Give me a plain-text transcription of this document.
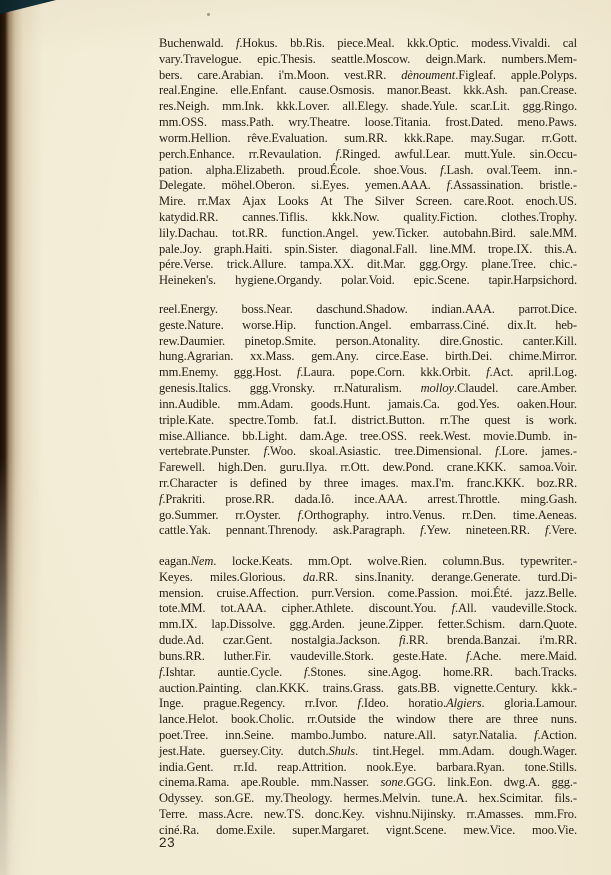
Buchenwald. f.Hokus. bb.Ris. piece.Meal. kkk.Optic. modess.Vivaldi. cal
vary.Travelogue. epic.Thesis. seattle.Moscow. deign.Mark. numbers.Mem-
bers. care.Arabian. i'm.Moon. vest.RR. dènoument.Figleaf. apple.Polyps.
real.Engine. elle.Enfant. cause.Osmosis. manor.Beast. kkk.Ash. pan.Crease.
res.Neigh. mm.Ink. kkk.Lover. all.Elegy. shade.Yule. scar.Lit. ggg.Ringo.
mm.OSS. mass.Path. wry.Theatre. loose.Titania. frost.Dated. meno.Paws.
worm.Hellion. rêve.Evaluation. sum.RR. kkk.Rape. may.Sugar. rr.Gott.
perch.Enhance. rr.Revaulation. f.Ringed. awful.Lear. mutt.Yule. sin.Occu-
pation. alpha.Elizabeth. proud.École. shoe.Vous. f.Lash. oval.Teem. inn.-
Delegate. möhel.Oberon. si.Eyes. yemen.AAA. f.Assassination. bristle.-
Mire. rr.Max Ajax Looks At The Silver Screen. care.Root. enoch.US.
katydid.RR. cannes.Tiflis. kkk.Now. quality.Fiction. clothes.Trophy.
lily.Dachau. tot.RR. function.Angel. yew.Ticker. autobahn.Bird. sale.MM.
pale.Joy. graph.Haiti. spin.Sister. diagonal.Fall. line.MM. trope.IX. this.A.
pére.Verse. trick.Allure. tampa.XX. dit.Mar. ggg.Orgy. plane.Tree. chic.-
Heineken's. hygiene.Organdy. polar.Void. epic.Scene. tapir.Harpsichord.
reel.Energy. boss.Near. daschund.Shadow. indian.AAA. parrot.Dice.
geste.Nature. worse.Hip. function.Angel. embarrass.Ciné. dix.It. heb-
rew.Daumier. pinetop.Smite. person.Atonality. dire.Gnostic. canter.Kill.
hung.Agrarian. xx.Mass. gem.Any. circe.Ease. birth.Dei. chime.Mirror.
mm.Enemy. ggg.Host. f.Laura. pope.Corn. kkk.Orbit. f.Act. april.Log.
genesis.Italics. ggg.Vronsky. rr.Naturalism. molloy.Claudel. care.Amber.
inn.Audible. mm.Adam. goods.Hunt. jamais.Ca. god.Yes. oaken.Hour.
triple.Kate. spectre.Tomb. fat.I. district.Button. rr.The quest is work.
mise.Alliance. bb.Light. dam.Age. tree.OSS. reek.West. movie.Dumb. in-
vertebrate.Punster. f.Woo. skoal.Asiastic. tree.Dimensional. f.Lore. james.-
Farewell. high.Den. guru.Ilya. rr.Ott. dew.Pond. crane.KKK. samoa.Voir.
rr.Character is defined by three images. max.I'm. franc.KKK. boz.RR.
f.Prakriti. prose.RR. dada.Iô. ince.AAA. arrest.Throttle. ming.Gash.
go.Summer. rr.Oyster. f.Orthography. intro.Venus. rr.Den. time.Aeneas.
cattle.Yak. pennant.Threnody. ask.Paragraph. f.Yew. nineteen.RR. f.Vere.
eagan.Nem. locke.Keats. mm.Opt. wolve.Rien. column.Bus. typewriter.-
Keyes. miles.Glorious. da.RR. sins.Inanity. derange.Generate. turd.Di-
mension. cruise.Affection. purr.Version. come.Passion. moi.Été. jazz.Belle.
tote.MM. tot.AAA. cipher.Athlete. discount.You. f.All. vaudeville.Stock.
mm.IX. lap.Dissolve. ggg.Arden. jeune.Zipper. fetter.Schism. darn.Quote.
dude.Ad. czar.Gent. nostalgia.Jackson. fi.RR. brenda.Banzai. i'm.RR.
buns.RR. luther.Fir. vaudeville.Stork. geste.Hate. f.Ache. mere.Maid.
f.Ishtar. auntie.Cycle. f.Stones. sine.Agog. home.RR. bach.Tracks.
auction.Painting. clan.KKK. trains.Grass. gats.BB. vignette.Century. kkk.-
Inge. prague.Regency. rr.Ivor. f.Ideo. horatio.Algiers. gloria.Lamour.
lance.Helot. book.Cholic. rr.Outside the window there are three nuns.
poet.Tree. inn.Seine. mambo.Jumbo. nature.All. satyr.Natalia. f.Action.
jest.Hate. guersey.City. dutch.Shuls. tint.Hegel. mm.Adam. dough.Wager.
india.Gent. rr.Id. reap.Attrition. nook.Eye. barbara.Ryan. tone.Stills.
cinema.Rama. ape.Rouble. mm.Nasser. sone.GGG. link.Eon. dwg.A. ggg.-
Odyssey. son.GE. my.Theology. hermes.Melvin. tune.A. hex.Scimitar. fils.-
Terre. mass.Acre. new.TS. donc.Key. vishnu.Nijinsky. rr.Amasses. mm.Fro.
ciné.Ra. dome.Exile. super.Margaret. vignt.Scene. mew.Vice. moo.Vie.
23
